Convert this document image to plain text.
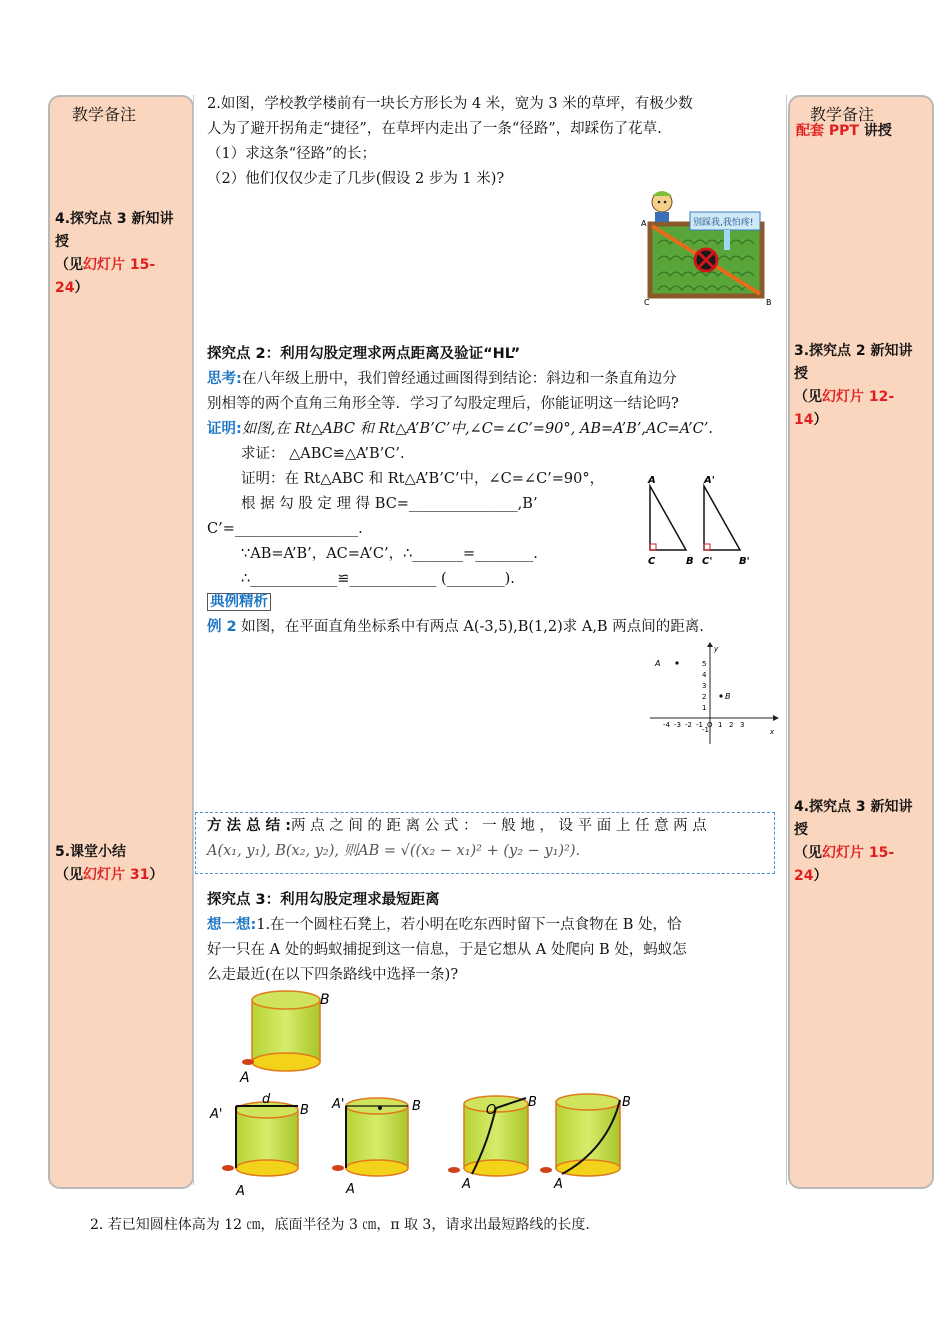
教学备注
4.探究点 3 新知讲授
（见幻灯片 15-24）
5.课堂小结
（见幻灯片 31）
教学备注
配套 PPT 讲授
3.探究点 2 新知讲授
（见幻灯片 12-14）
4.探究点 3 新知讲授
（见幻灯片 15-24）
2.如图，学校教学楼前有一块长方形长为 4 米，宽为 3 米的草坪，有极少数
人为了避开拐角走“捷径”，在草坪内走出了一条“径路”，却踩伤了花草.
（1）求这条“径路”的长；
（2）他们仅仅少走了几步(假设 2 步为 1 米)?
别踩我,我怕疼!
A
C	B
探究点 2：利用勾股定理求两点距离及验证“HL”
思考:在八年级上册中，我们曾经通过画图得到结论：斜边和一条直角边分
别相等的两个直角三角形全等．学习了勾股定理后，你能证明这一结论吗?
证明:如图,在 Rt△ABC 和 Rt△A’B’C’中,∠C=∠C’=90°, AB=A’B’,AC=A’C’.
求证： △ABC≌△A’B’C’.
证明：在 Rt△ABC 和 Rt△A’B’C’中，∠C=∠C’=90°，
根 据 勾 股 定 理 得 BC=_______________,B’
C’=_________________.
∵AB=A’B’，AC=A’C’，∴_______=________.
∴____________≌____________ (________).
A
C	B
A'
C'	B'
典例精析
例 2 如图，在平面直角坐标系中有两点 A(-3,5),B(1,2)求 A,B 两点间的距离.
x
y
-4 -3 -2 -1 O 1 2 3
5
4
3
2
1
-1
A
B
方 法 总 结 :两 点 之 间 的 距 离 公 式 ： 一 般 地 ， 设 平 面 上 任 意 两 点
A(x₁, y₁), B(x₂, y₂), 则AB = √((x₂ − x₁)² + (y₂ − y₁)²).
探究点 3：利用勾股定理求最短距离
想一想:1.在一个圆柱石凳上，若小明在吃东西时留下一点食物在 B 处，恰
好一只在 A 处的蚂蚁捕捉到这一信息，于是它想从 A 处爬向 B 处，蚂蚁怎
么走最近(在以下四条路线中选择一条)?
B
A
d
A'	B
A
A'	B
A
O
B
A
B
A
2. 若已知圆柱体高为 12 ㎝，底面半径为 3 ㎝，π 取 3，请求出最短路线的长度.
